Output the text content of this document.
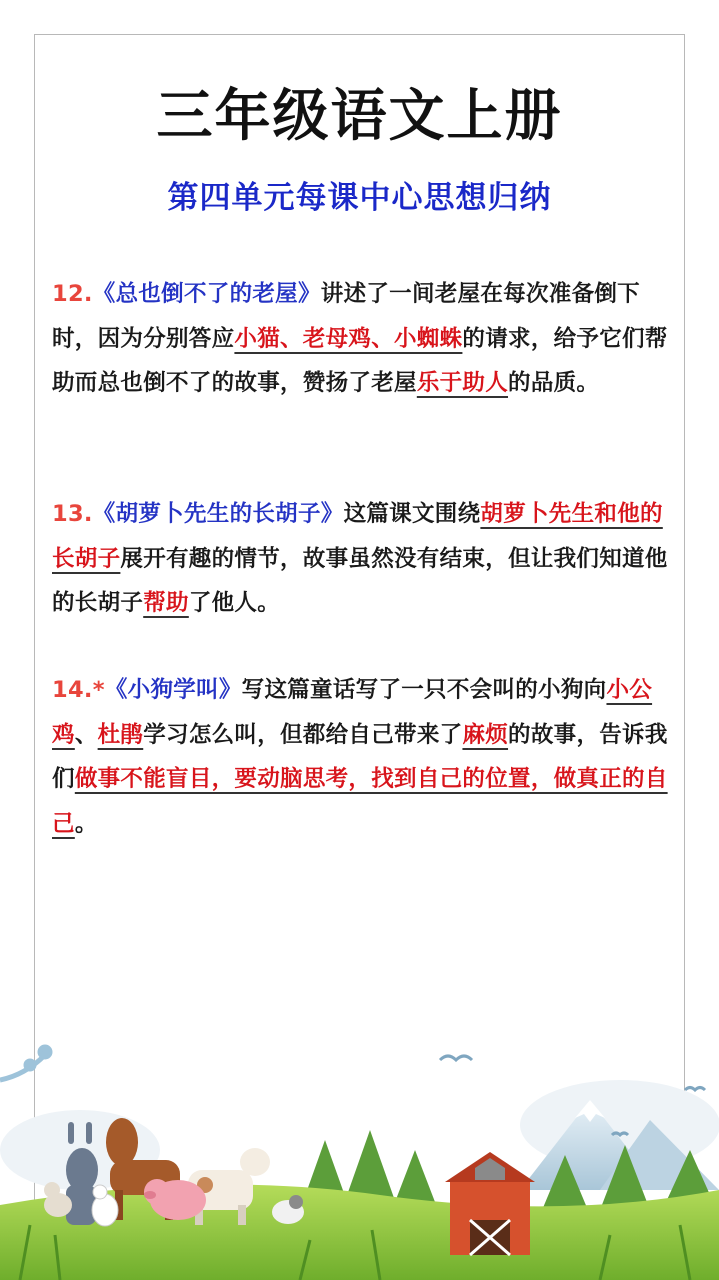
三年级语文上册
第四单元每课中心思想归纳
12.《总也倒不了的老屋》讲述了一间老屋在每次准备倒下时，因为分别答应小猫、老母鸡、小蜘蛛的请求，给予它们帮助而总也倒不了的故事，赞扬了老屋乐于助人的品质。
13.《胡萝卜先生的长胡子》这篇课文围绕胡萝卜先生和他的长胡子展开有趣的情节，故事虽然没有结束，但让我们知道他的长胡子帮助了他人。
14.*《小狗学叫》写这篇童话写了一只不会叫的小狗向小公鸡、杜鹃学习怎么叫，但都给自己带来了麻烦的故事，告诉我们做事不能盲目，要动脑思考，找到自己的位置，做真正的自己。
